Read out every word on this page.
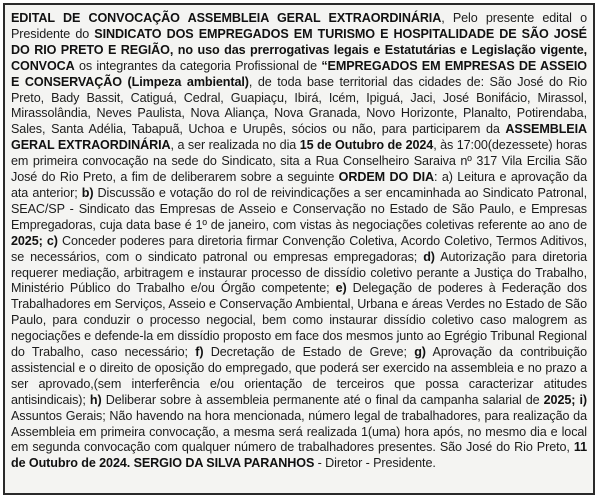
EDITAL DE CONVOCAÇÃO ASSEMBLEIA GERAL EXTRAORDINÁRIA, Pelo presente edital o Presidente do SINDICATO DOS EMPREGADOS EM TURISMO E HOSPITALIDADE DE SÃO JOSÉ DO RIO PRETO E REGIÃO, no uso das prerrogativas legais e Estatutárias e Legislação vigente, CONVOCA os integrantes da categoria Profissional de “EMPREGADOS EM EMPRESAS DE ASSEIO E CONSERVAÇÃO (Limpeza ambiental), de toda base territorial das cidades de: São José do Rio Preto, Bady Bassit, Catiguá, Cedral, Guapiaçu, Ibirá, Icém, Ipiguá, Jaci, José Bonifácio, Mirassol, Mirassolândia, Neves Paulista, Nova Aliança, Nova Granada, Novo Horizonte, Planalto, Potirendaba, Sales, Santa Adélia, Tabapuã, Uchoa e Urupês, sócios ou não, para participarem da ASSEMBLEIA GERAL EXTRAORDINÁRIA, a ser realizada no dia 15 de Outubro de 2024, às 17:00(dezessete) horas em primeira convocação na sede do Sindicato, sita a Rua Conselheiro Saraiva nº 317 Vila Ercilia São José do Rio Preto, a fim de deliberarem sobre a seguinte ORDEM DO DIA: a) Leitura e aprovação da ata anterior; b) Discussão e votação do rol de reivindicações a ser encaminhada ao Sindicato Patronal, SEAC/SP - Sindicato das Empresas de Asseio e Conservação no Estado de São Paulo, e Empresas Empregadoras, cuja data base é 1º de janeiro, com vistas às negociações coletivas referente ao ano de 2025; c) Conceder poderes para diretoria firmar Convenção Coletiva, Acordo Coletivo, Termos Aditivos, se necessários, com o sindicato patronal ou empresas empregadoras; d) Autorização para diretoria requerer mediação, arbitragem e instaurar processo de dissídio coletivo perante a Justiça do Trabalho, Ministério Público do Trabalho e/ou Órgão competente; e) Delegação de poderes à Federação dos Trabalhadores em Serviços, Asseio e Conservação Ambiental, Urbana e áreas Verdes no Estado de São Paulo, para conduzir o processo negocial, bem como instaurar dissídio coletivo caso malogrem as negociações e defende-la em dissídio proposto em face dos mesmos junto ao Egrégio Tribunal Regional do Trabalho, caso necessário; f) Decretação de Estado de Greve; g) Aprovação da contribuição assistencial e o direito de oposição do empregado, que poderá ser exercido na assembleia e no prazo a ser aprovado,(sem interferência e/ou orientação de terceiros que possa caracterizar atitudes antisindicais); h) Deliberar sobre à assembleia permanente até o final da campanha salarial de 2025; i) Assuntos Gerais; Não havendo na hora mencionada, número legal de trabalhadores, para realização da Assembleia em primeira convocação, a mesma será realizada 1(uma) hora após, no mesmo dia e local em segunda convocação com qualquer número de trabalhadores presentes. São José do Rio Preto, 11 de Outubro de 2024. SERGIO DA SILVA PARANHOS - Diretor - Presidente.
